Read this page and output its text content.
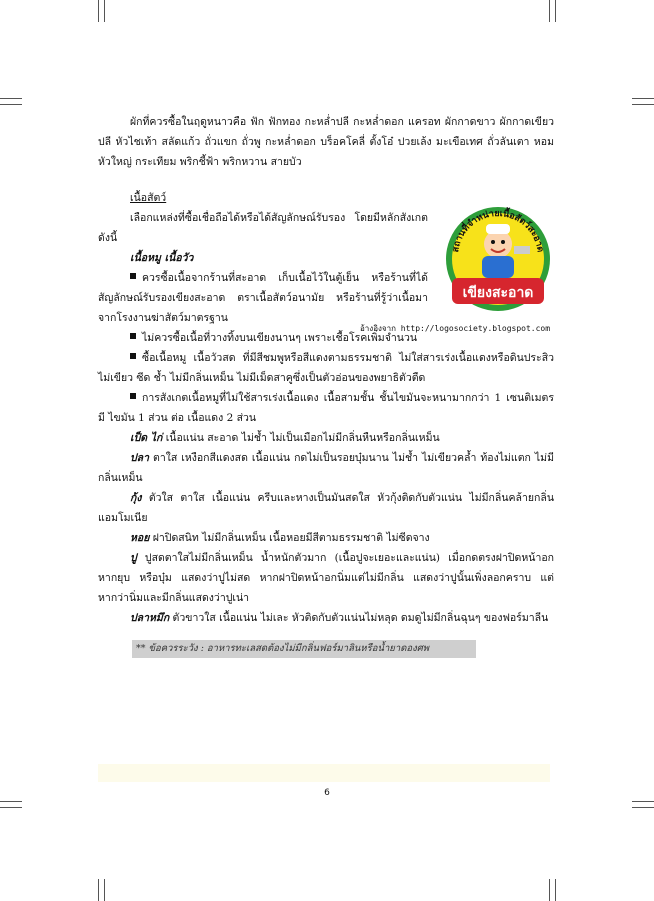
ผักที่ควรซื้อในฤดูหนาวคือ ฟัก ฟักทอง กะหล่ำปลี กะหล่ำดอก แครอท ผักกาดขาว ผักกาดเขียวปลี หัวไชเท้า สลัดแก้ว ถั่วแขก ถั่วพู กะหล่ำดอก บร็อคโคลี่ ตั้งโอ๋ ปวยเล้ง มะเขือเทศ ถั่วลันเตา หอมหัวใหญ่ กระเทียม พริกชี้ฟ้า พริกหวาน สายบัว

เนื้อสัตว์

เลือกแหล่งที่ซื้อเชื่อถือได้หรือได้สัญลักษณ์รับรอง โดยมีหลักสังเกตดังนี้

เนื้อหมู เนื้อวัว

ควรซื้อเนื้อจากร้านที่สะอาด เก็บเนื้อไว้ในตู้เย็น หรือร้านที่ได้สัญลักษณ์รับรองเขียงสะอาด ตราเนื้อสัตว์อนามัย หรือร้านที่รู้ว่าเนื้อมาจากโรงงานฆ่าสัตว์มาตรฐาน

ไม่ควรซื้อเนื้อที่วางทิ้งบนเขียงนานๆ เพราะเชื้อโรคเพิ่มจำนวน

ซื้อเนื้อหมู เนื้อวัวสด ที่มีสีชมพูหรือสีแดงตามธรรมชาติ ไม่ใส่สารเร่งเนื้อแดงหรือดินประสิว ไม่เขียว ซีด ช้ำ ไม่มีกลิ่นเหม็น ไม่มีเม็ดสาคูซึ่งเป็นตัวอ่อนของพยาธิตัวตืด

การสังเกตเนื้อหมูที่ไม่ใช้สารเร่งเนื้อแดง เนื้อสามชั้น ชั้นไขมันจะหนามากกว่า 1 เซนติเมตร มี ไขมัน 1 ส่วน ต่อ เนื้อแดง 2 ส่วน

เป็ด ไก่ เนื้อแน่น สะอาด ไม่ช้ำ ไม่เป็นเมือกไม่มีกลิ่นหืนหรือกลิ่นเหม็น

ปลา ตาใส เหงือกสีแดงสด เนื้อแน่น กดไม่เป็นรอยบุ๋มนาน ไม่ช้ำ ไม่เขียวคล้ำ ท้องไม่แตก ไม่มีกลิ่นเหม็น

กุ้ง ตัวใส ตาใส เนื้อแน่น ครีบและหางเป็นมันสดใส หัวกุ้งติดกับตัวแน่น ไม่มีกลิ่นคล้ายกลิ่นแอมโมเนีย

หอย ฝาปิดสนิท ไม่มีกลิ่นเหม็น เนื้อหอยมีสีตามธรรมชาติ ไม่ซีดจาง

ปู ปูสดตาใสไม่มีกลิ่นเหม็น น้ำหนักตัวมาก (เนื้อปูจะเยอะและแน่น) เมื่อกดตรงฝาปิดหน้าอก หากยุบ หรือบุ๋ม แสดงว่าปูไม่สด หากฝาปิดหน้าอกนิ่มแต่ไม่มีกลิ่น แสดงว่าปูนั้นเพิ่งลอกคราบ แต่หากว่านิ่มและมีกลิ่นแสดงว่าปูเน่า

ปลาหมึก ตัวขาวใส เนื้อแน่น ไม่เละ หัวติดกับตัวแน่นไม่หลุด ดมดูไม่มีกลิ่นฉุนๆ ของฟอร์มาลีน

** ข้อควรระวัง : อาหารทะเลสดต้องไม่มีกลิ่นฟอร์มาลินหรือน้ำยาดองศพ
เขียงสะอาด
สถานที่จำหน่ายเนื้อสัตว์สะอาด
อ้างอิงจาก http://logosociety.blogspot.com
6
